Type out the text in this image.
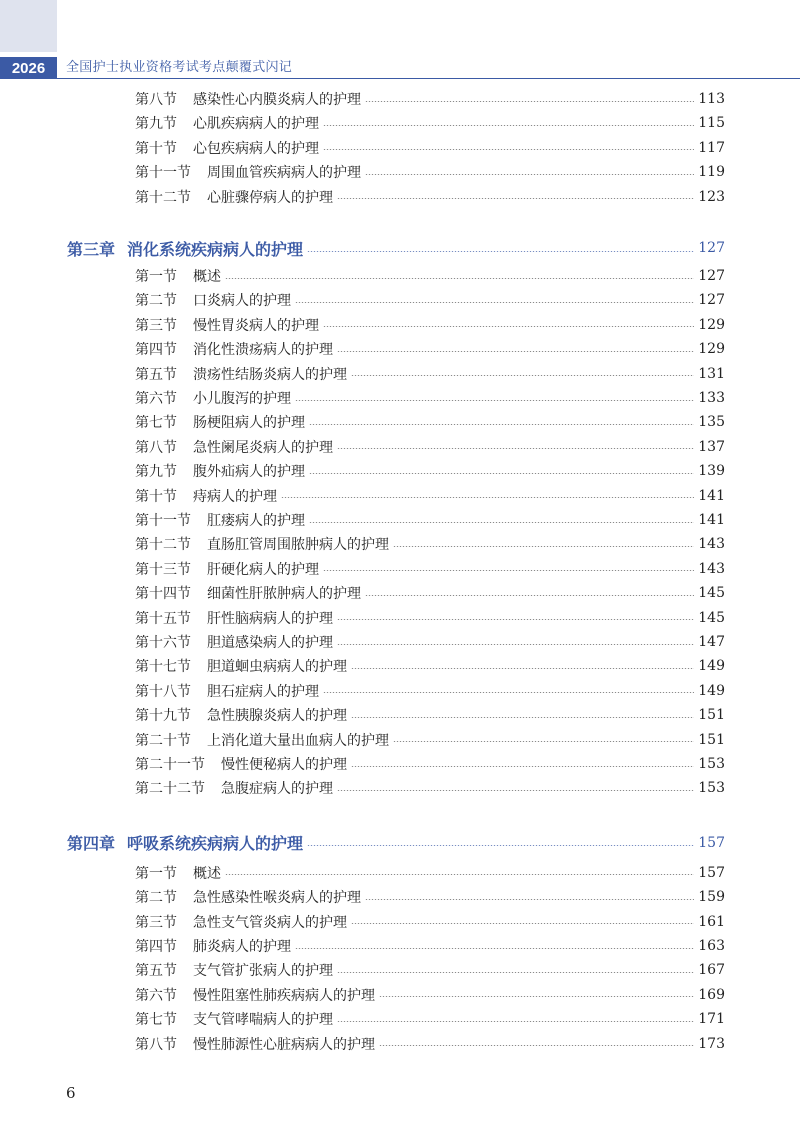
2026	全国护士执业资格考试考点颠覆式闪记
第八节 感染性心内膜炎病人的护理	113
第九节 心肌疾病病人的护理	115
第十节 心包疾病病人的护理	117
第十一节 周围血管疾病病人的护理	119
第十二节 心脏骤停病人的护理	123
第三章 消化系统疾病病人的护理	127
第一节 概述	127
第二节 口炎病人的护理	127
第三节 慢性胃炎病人的护理	129
第四节 消化性溃疡病人的护理	129
第五节 溃疡性结肠炎病人的护理	131
第六节 小儿腹泻的护理	133
第七节 肠梗阻病人的护理	135
第八节 急性阑尾炎病人的护理	137
第九节 腹外疝病人的护理	139
第十节 痔病人的护理	141
第十一节 肛瘘病人的护理	141
第十二节 直肠肛管周围脓肿病人的护理	143
第十三节 肝硬化病人的护理	143
第十四节 细菌性肝脓肿病人的护理	145
第十五节 肝性脑病病人的护理	145
第十六节 胆道感染病人的护理	147
第十七节 胆道蛔虫病病人的护理	149
第十八节 胆石症病人的护理	149
第十九节 急性胰腺炎病人的护理	151
第二十节 上消化道大量出血病人的护理	151
第二十一节 慢性便秘病人的护理	153
第二十二节 急腹症病人的护理	153
第四章 呼吸系统疾病病人的护理	157
第一节 概述	157
第二节 急性感染性喉炎病人的护理	159
第三节 急性支气管炎病人的护理	161
第四节 肺炎病人的护理	163
第五节 支气管扩张病人的护理	167
第六节 慢性阻塞性肺疾病病人的护理	169
第七节 支气管哮喘病人的护理	171
第八节 慢性肺源性心脏病病人的护理	173
6
